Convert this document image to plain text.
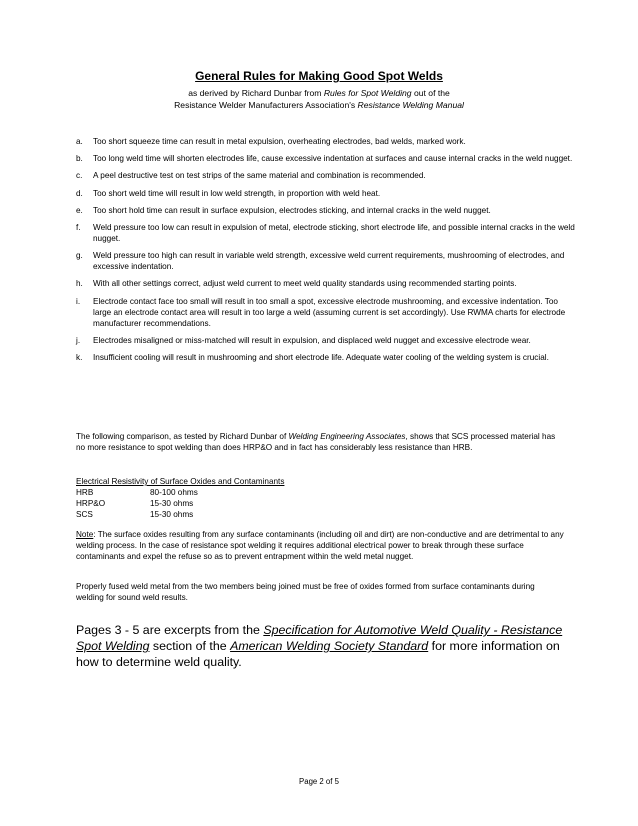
General Rules for Making Good Spot Welds
as derived by Richard Dunbar from Rules for Spot Welding out of the
Resistance Welder Manufacturers Association's Resistance Welding Manual
a.	Too short squeeze time can result in metal expulsion, overheating electrodes, bad welds, marked work.
b.	Too long weld time will shorten electrodes life, cause excessive indentation at surfaces and cause internal cracks in the weld nugget.
c.	A peel destructive test on test strips of the same material and combination is recommended.
d.	Too short weld time will result in low weld strength, in proportion with weld heat.
e.	Too short hold time can result in surface expulsion, electrodes sticking, and internal cracks in the weld nugget.
f.	Weld pressure too low can result in expulsion of metal, electrode sticking, short electrode life, and possible internal cracks in the weld nugget.
g.	Weld pressure too high can result in variable weld strength, excessive weld current requirements, mushrooming of electrodes, and excessive indentation.
h.	With all other settings correct, adjust weld current to meet weld quality standards using recommended starting points.
i.	Electrode contact face too small will result in too small a spot, excessive electrode mushrooming, and excessive indentation. Too large an electrode contact area will result in too large a weld (assuming current is set accordingly). Use RWMA charts for electrode manufacturer recommendations.
j.	Electrodes misaligned or miss-matched will result in expulsion, and displaced weld nugget and excessive electrode wear.
k.	Insufficient cooling will result in mushrooming and short electrode life. Adequate water cooling of the welding system is crucial.
The following comparison, as tested by Richard Dunbar of Welding Engineering Associates, shows that SCS processed material has no more resistance to spot welding than does HRP&O and in fact has considerably less resistance than HRB.
Electrical Resistivity of Surface Oxides and Contaminants
HRB	80-100 ohms
HRP&O	15-30 ohms
SCS	15-30 ohms
Note: The surface oxides resulting from any surface contaminants (including oil and dirt) are non-conductive and are detrimental to any welding process. In the case of resistance spot welding it requires additional electrical power to break through these surface contaminants and expel the refuse so as to prevent entrapment within the weld metal nugget.
Properly fused weld metal from the two members being joined must be free of oxides formed from surface contaminants during welding for sound weld results.
Pages 3 - 5 are excerpts from the Specification for Automotive Weld Quality - Resistance Spot Welding section of the American Welding Society Standard for more information on how to determine weld quality.
Page 2 of 5
